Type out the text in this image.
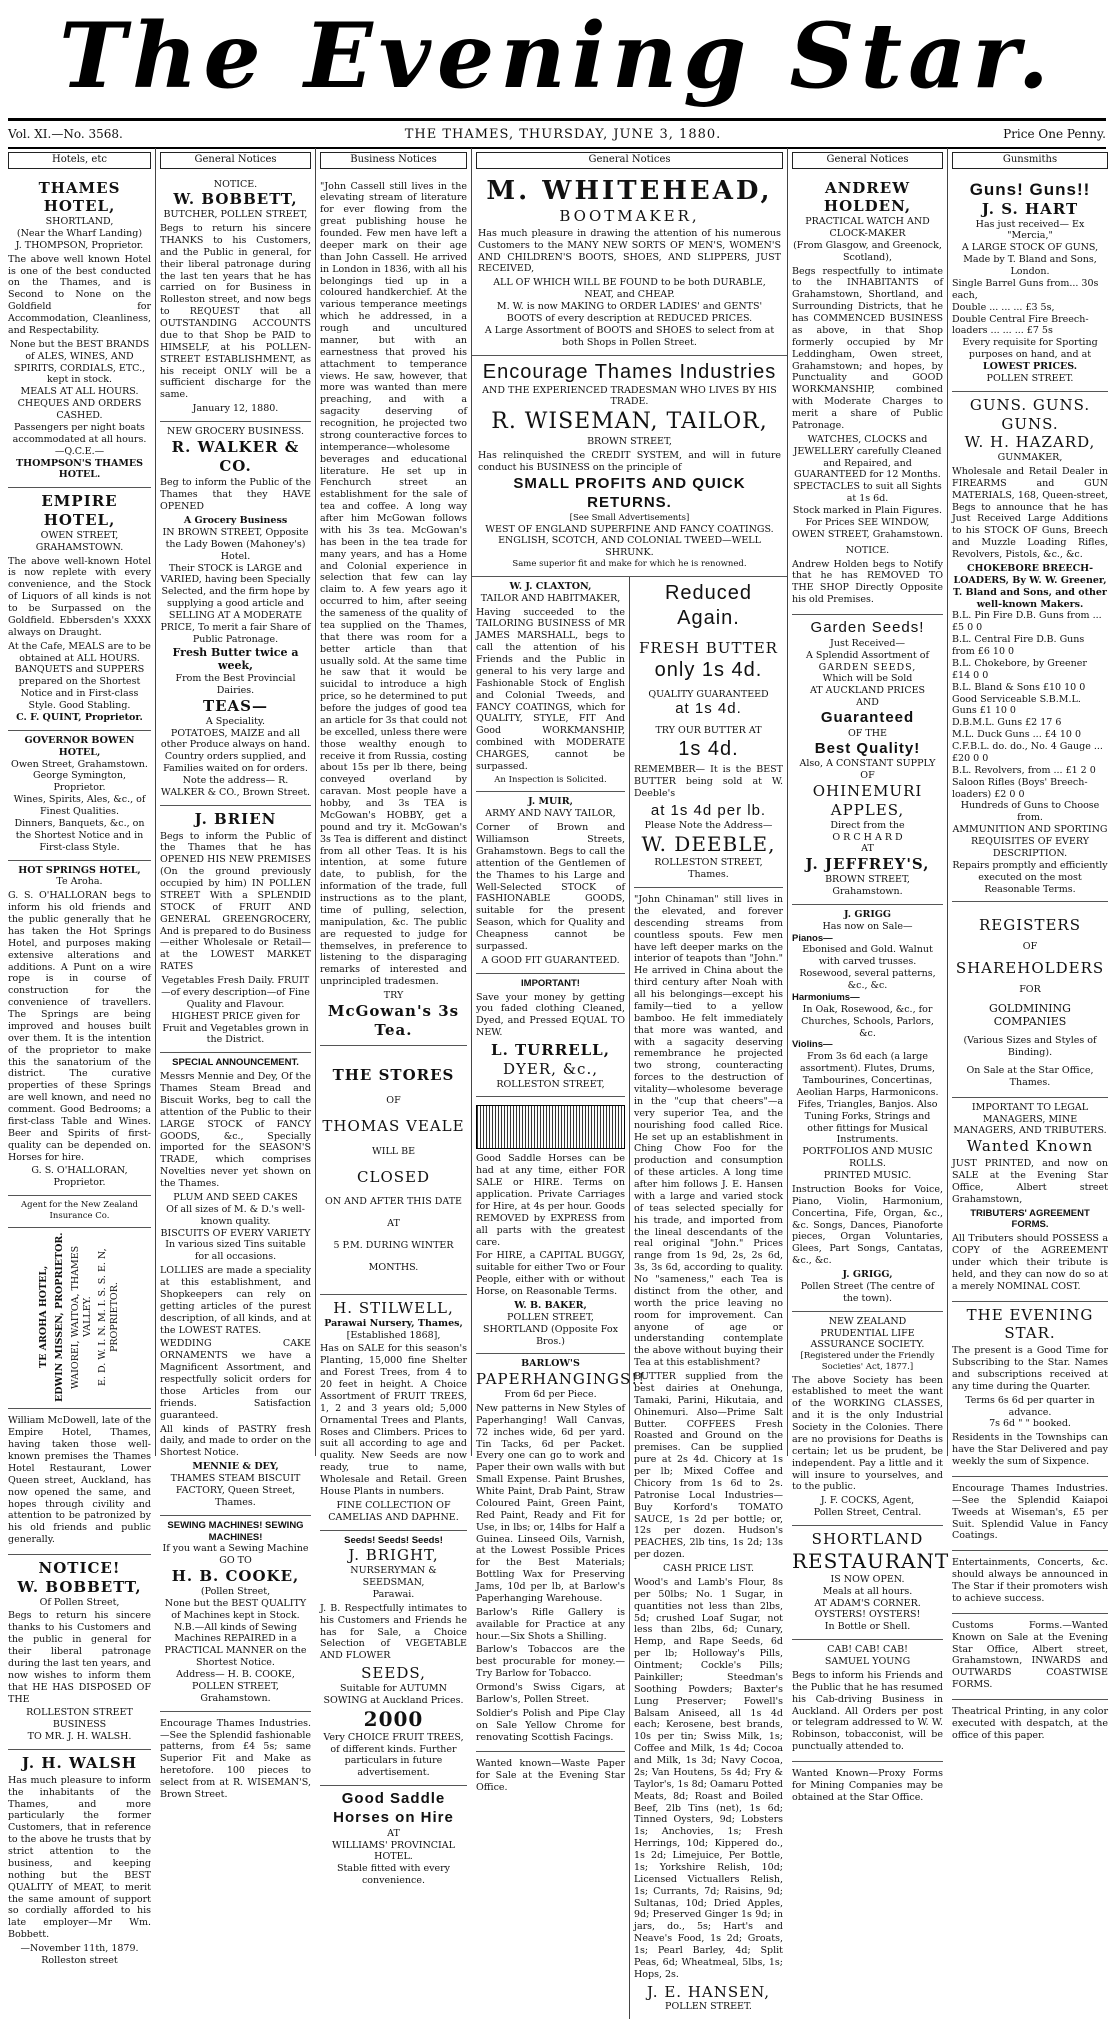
The Evening Star.
Vol. XI.—No. 3568.	THE THAMES, THURSDAY, JUNE 3, 1880.	Price One Penny.
Hotels, etc
THAMES HOTEL,
SHORTLAND,
(Near the Wharf Landing)
J. THOMPSON, Proprietor.

The above well known Hotel is one of the best conducted on the Thames, and is Second to None on the Goldfield for Accommodation, Cleanliness, and Respectability.

None but the BEST BRANDS of ALES, WINES, AND SPIRITS, CORDIALS, ETC., kept in stock.
MEALS AT ALL HOURS.
CHEQUES AND ORDERS CASHED.
Passengers per night boats accommodated at all hours.
—Q.C.E.—
THOMPSON'S THAMES HOTEL.
EMPIRE HOTEL,
OWEN STREET, GRAHAMSTOWN.

The above well-known Hotel is now replete with every convenience, and the Stock of Liquors of all kinds is not to be Surpassed on the Goldfield. Ebbersden's XXXX always on Draught.

At the Cafe, MEALS are to be obtained at ALL HOURS. BANQUETS and SUPPERS prepared on the Shortest Notice and in First-class Style. Good Stabling.
C. F. QUINT, Proprietor.
GOVERNOR BOWEN HOTEL,
Owen Street, Grahamstown.
George Symington, Proprietor.
Wines, Spirits, Ales, &c., of Finest Qualities.
Dinners, Banquets, &c., on the Shortest Notice and in First-class Style.
HOT SPRINGS HOTEL,
Te Aroha.

G. S. O'HALLORAN begs to inform his old friends and the public generally that he has taken the Hot Springs Hotel, and purposes making extensive alterations and additions. A Punt on a wire rope is in course of construction for the convenience of travellers. The Springs are being improved and houses built over them. It is the intention of the proprietor to make this the sanatorium of the district. The curative properties of these Springs are well known, and need no comment. Good Bedrooms; a first-class Table and Wines. Beer and Spirits of first-quality can be depended on. Horses for hire.

G. S. O'HALLORAN, Proprietor.
Agent for the New Zealand Insurance Co.
TE AROHA HOTEL, EDWIN MISSEN, PROPRIETOR. WAIOREI, WAITOA, THAMES VALLEY. E. D. W. I. N. M. I. S. S. E. N, PROPRIETOR.

William McDowell, late of the Empire Hotel, Thames, having taken those well-known premises the Thames Hotel Restaurant, Lower Queen street, Auckland, has now opened the same, and hopes through civility and attention to be patronized by his old friends and public generally.

NOTICE!
W. BOBBETT,
Of Pollen Street,

Begs to return his sincere thanks to his Customers and the public in general for their liberal patronage during the last ten years, and now wishes to inform them that HE HAS DISPOSED OF THE

ROLLESTON STREET BUSINESS
TO MR. J. H. WALSH.
J. H. WALSH

Has much pleasure to inform the inhabitants of the Thames, and more particularly the former Customers, that in reference to the above he trusts that by strict attention to the business, and keeping nothing but the BEST QUALITY of MEAT, to merit the same amount of support so cordially afforded to his late employer—Mr Wm. Bobbett.

—November 11th, 1879.
Rolleston street
General Notices
NOTICE.
W. BOBBETT,
BUTCHER, POLLEN STREET,

Begs to return his sincere THANKS to his Customers, and the Public in general, for their liberal patronage during the last ten years that he has carried on for Business in Rolleston street, and now begs to REQUEST that all OUTSTANDING ACCOUNTS due to that Shop be PAID to HIMSELF, at his POLLEN-STREET ESTABLISHMENT, as his receipt ONLY will be a sufficient discharge for the same.

January 12, 1880.
NEW GROCERY BUSINESS.
R. WALKER & CO.

Beg to inform the Public of the Thames that they HAVE OPENED

A Grocery Business
IN BROWN STREET, Opposite the Lady Bowen (Mahoney's) Hotel.
Their STOCK is LARGE and VARIED, having been Specially Selected, and the firm hope by supplying a good article and SELLING AT A MODERATE PRICE, To merit a fair Share of Public Patronage.
Fresh Butter twice a week,
From the Best Provincial Dairies.
TEAS—
A Speciality.
POTATOES, MAIZE and all other Produce always on hand.
Country orders supplied, and Families waited on for orders.
Note the address— R. WALKER & CO., Brown Street.
J. BRIEN

Begs to inform the Public of the Thames that he has OPENED HIS NEW PREMISES (On the ground previously occupied by him) IN POLLEN STREET With a SPLENDID STOCK of FRUIT AND GENERAL GREENGROCERY, And is prepared to do Business—either Wholesale or Retail—at the LOWEST MARKET RATES

Vegetables Fresh Daily. FRUIT—of every description—of Fine Quality and Flavour.
HIGHEST PRICE given for Fruit and Vegetables grown in the District.
SPECIAL ANNOUNCEMENT.

Messrs Mennie and Dey, Of the Thames Steam Bread and Biscuit Works, beg to call the attention of the Public to their LARGE STOCK of FANCY GOODS, &c., Specially imported for the SEASON'S TRADE, which comprises Novelties never yet shown on the Thames.

PLUM AND SEED CAKES
Of all sizes of M. & D.'s well-known quality.
BISCUITS OF EVERY VARIETY
In various sized Tins suitable for all occasions.

LOLLIES are made a speciality at this establishment, and Shopkeepers can rely on getting articles of the purest description, of all kinds, and at the LOWEST RATES.

WEDDING CAKE ORNAMENTS we have a Magnificent Assortment, and respectfully solicit orders for those Articles from our friends. Satisfaction guaranteed.

All kinds of PASTRY fresh daily, and made to order on the Shortest Notice.

MENNIE & DEY,
THAMES STEAM BISCUIT FACTORY, Queen Street, Thames.
SEWING MACHINES! SEWING MACHINES!
If you want a Sewing Machine GO TO
H. B. COOKE,
(Pollen Street,
None but the BEST QUALITY of Machines kept in Stock.
N.B.—All kinds of Sewing Machines REPAIRED in a PRACTICAL MANNER on the Shortest Notice.
Address— H. B. COOKE, POLLEN STREET, Grahamstown.

Encourage Thames Industries.—See the Splendid fashionable patterns, from £4 5s; same Superior Fit and Make as heretofore. 100 pieces to select from at R. WISEMAN'S, Brown Street.

Business Notices

"John Cassell still lives in the elevating stream of literature for ever flowing from the great publishing house he founded. Few men have left a deeper mark on their age than John Cassell. He arrived in London in 1836, with all his belongings tied up in a coloured handkerchief. At the various temperance meetings which he addressed, in a rough and uncultured manner, but with an earnestness that proved his attachment to temperance views. He saw, however, that more was wanted than mere preaching, and with a sagacity deserving of recognition, he projected two strong counteractive forces to intemperance—wholesome beverages and educational literature. He set up in Fenchurch street an establishment for the sale of tea and coffee. A long way after him McGowan follows with his 3s tea. McGowan's has been in the tea trade for many years, and has a Home and Colonial experience in selection that few can lay claim to. A few years ago it occurred to him, after seeing the sameness of the quality of tea supplied on the Thames, that there was room for a better article than that usually sold. At the same time he saw that it would be suicidal to introduce a high price, so he determined to put before the judges of good tea an article for 3s that could not be excelled, unless there were those wealthy enough to receive it from Russia, costing about 15s per lb there, being conveyed overland by caravan. Most people have a hobby, and 3s TEA is McGowan's HOBBY, get a pound and try it. McGowan's 3s Tea is different and distinct from all other Teas. It is his intention, at some future date, to publish, for the information of the trade, full instructions as to the plant, time of pulling, selection, manipulation, &c. The public are requested to judge for themselves, in preference to listening to the disparaging remarks of interested and unprincipled tradesmen.

TRY
McGowan's 3s Tea.
THE STORES
OF
THOMAS VEALE
WILL BE
CLOSED
ON AND AFTER THIS DATE
AT
5 P.M. DURING WINTER
MONTHS.
H. STILWELL,
Parawai Nursery, Thames,
[Established 1868],

Has on SALE for this season's Planting, 15,000 fine Shelter and Forest Trees, from 4 to 20 feet in height. A Choice Assortment of FRUIT TREES, 1, 2 and 3 years old; 5,000 Ornamental Trees and Plants, Roses and Climbers. Prices to suit all according to age and quality. New Seeds are now ready, true to name, Wholesale and Retail. Green House Plants in numbers.

FINE COLLECTION OF CAMELIAS AND DAPHNE.
Seeds! Seeds! Seeds!
J. BRIGHT,
NURSERYMAN & SEEDSMAN,
Parawai.

J. B. Respectfully intimates to his Customers and Friends he has for Sale, a Choice Selection of VEGETABLE AND FLOWER

SEEDS,
Suitable for AUTUMN SOWING at Auckland Prices.
2000
Very CHOICE FRUIT TREES, of different kinds. Further particulars in future advertisement.
Good Saddle Horses on Hire
AT
WILLIAMS' PROVINCIAL HOTEL.
Stable fitted with every convenience.
General Notices
M. WHITEHEAD,
BOOTMAKER,

Has much pleasure in drawing the attention of his numerous Customers to the MANY NEW SORTS OF MEN'S, WOMEN'S AND CHILDREN'S BOOTS, SHOES, AND SLIPPERS, JUST RECEIVED,

ALL OF WHICH WILL BE FOUND to be both DURABLE, NEAT, and CHEAP.
M. W. is now MAKING to ORDER LADIES' and GENTS' BOOTS of every description at REDUCED PRICES.
A Large Assortment of BOOTS and SHOES to select from at both Shops in Pollen Street.
Encourage Thames Industries
AND THE EXPERIENCED TRADESMAN WHO LIVES BY HIS TRADE.
R. WISEMAN, TAILOR,
BROWN STREET,

Has relinquished the CREDIT SYSTEM, and will in future conduct his BUSINESS on the principle of

SMALL PROFITS AND QUICK RETURNS.
[See Small Advertisements]
WEST OF ENGLAND SUPERFINE AND FANCY COATINGS. ENGLISH, SCOTCH, AND COLONIAL TWEED—WELL SHRUNK.
Same superior fit and make for which he is renowned.
W. J. CLAXTON,
TAILOR AND HABITMAKER,

Having succeeded to the TAILORING BUSINESS of MR JAMES MARSHALL, begs to call the attention of his Friends and the Public in general to his very large and Fashionable Stock of English and Colonial Tweeds, and FANCY COATINGS, which for QUALITY, STYLE, FIT And Good WORKMANSHIP, combined with MODERATE CHARGES, cannot be surpassed.

An Inspection is Solicited.
J. MUIR,
ARMY AND NAVY TAILOR,

Corner of Brown and Williamson Streets, Grahamstown. Begs to call the attention of the Gentlemen of the Thames to his Large and Well-Selected STOCK of FASHIONABLE GOODS, suitable for the present Season, which for Quality and Cheapness cannot be surpassed.

A GOOD FIT GUARANTEED.
IMPORTANT!

Save your money by getting you faded clothing Cleaned, Dyed, and Pressed EQUAL TO NEW.

L. TURRELL,
DYER, &c.,
ROLLESTON STREET,

Good Saddle Horses can be had at any time, either FOR SALE or HIRE. Terms on application. Private Carriages for Hire, at 4s per hour. Goods REMOVED by EXPRESS from all parts with the greatest care.

For HIRE, a CAPITAL BUGGY, suitable for either Two or Four People, either with or without Horse, on Reasonable Terms.

W. B. BAKER,
POLLEN STREET, SHORTLAND (Opposite Fox Bros.)
BARLOW'S
PAPERHANGINGS!!
From 6d per Piece.

New patterns in New Styles of Paperhanging! Wall Canvas, 72 inches wide, 6d per yard. Tin Tacks, 6d per Packet. Every one can go to work and Paper their own walls with but Small Expense. Paint Brushes, White Paint, Drab Paint, Straw Coloured Paint, Green Paint, Red Paint, Ready and Fit for Use, in lbs; or, 14lbs for Half a Guinea. Linseed Oils, Varnish, at the Lowest Possible Prices for the Best Materials; Bottling Wax for Preserving Jams, 10d per lb, at Barlow's Paperhanging Warehouse.

Barlow's Rifle Gallery is available for Practice at any hour.—Six Shots a Shilling.

Barlow's Tobaccos are the best procurable for money.—Try Barlow for Tobacco.

Ormond's Swiss Cigars, at Barlow's, Pollen Street.

Soldier's Polish and Pipe Clay on Sale Yellow Chrome for renovating Scottish Facings.

Wanted known—Waste Paper for Sale at the Evening Star Office.

Reduced Again.
FRESH BUTTER
only 1s 4d.
QUALITY GUARANTEED
at 1s 4d.
TRY OUR BUTTER AT
1s 4d.

REMEMBER— It is the BEST BUTTER being sold at W. Deeble's

at 1s 4d per lb.
Please Note the Address—
W. DEEBLE,
ROLLESTON STREET,
Thames.

"John Chinaman" still lives in the elevated, and forever descending streams from countless spouts. Few men have left deeper marks on the interior of teapots than "John." He arrived in China about the third century after Noah with all his belongings—except his family—tied to a yellow bamboo. He felt immediately that more was wanted, and with a sagacity deserving remembrance he projected two strong, counteracting forces to the destruction of vitality—wholesome beverage in the "cup that cheers"—a very superior Tea, and the nourishing food called Rice. He set up an establishment in Ching Chow Foo for the production and consumption of these articles. A long time after him follows J. E. Hansen with a large and varied stock of teas selected specially for his trade, and imported from the lineal descendants of the real original "John." Prices range from 1s 9d, 2s, 2s 6d, 3s, 3s 6d, according to quality. No "sameness," each Tea is distinct from the other, and worth the price leaving no room for improvement. Can anyone of age or understanding contemplate the above without buying their Tea at this establishment?

BUTTER supplied from the best dairies at Onehunga, Tamaki, Parini, Hikutaia, and Ohinemuri. Also—Prime Salt Butter. COFFEES Fresh Roasted and Ground on the premises. Can be supplied pure at 2s 4d. Chicory at 1s per lb; Mixed Coffee and Chicory from 1s 6d to 2s. Patronise Local Industries—Buy Korford's TOMATO SAUCE, 1s 2d per bottle; or, 12s per dozen. Hudson's PEACHES, 2lb tins, 1s 2d; 13s per dozen.

CASH PRICE LIST.

Wood's and Lamb's Flour, 8s per 50lbs; No. 1 Sugar, in quantities not less than 2lbs, 5d; crushed Loaf Sugar, not less than 2lbs, 6d; Cunary, Hemp, and Rape Seeds, 6d per lb; Holloway's Pills, Ointment; Cockle's Pills; Painkiller; Steedman's Soothing Powders; Baxter's Lung Preserver; Fowell's Balsam Aniseed, all 1s 4d each; Kerosene, best brands, 10s per tin; Swiss Milk, 1s; Coffee and Milk, 1s 4d; Cocoa and Milk, 1s 3d; Navy Cocoa, 2s; Van Houtens, 5s 4d; Fry & Taylor's, 1s 8d; Oamaru Potted Meats, 8d; Roast and Boiled Beef, 2lb Tins (net), 1s 6d; Tinned Oysters, 9d; Lobsters 1s; Anchovies, 1s; Fresh Herrings, 10d; Kippered do., 1s 2d; Limejuice, Per Bottle, 1s; Yorkshire Relish, 10d; Licensed Victuallers Relish, 1s; Currants, 7d; Raisins, 9d; Sultanas, 10d; Dried Apples, 9d; Preserved Ginger 1s 9d; in jars, do., 5s; Hart's and Neave's Food, 1s 2d; Groats, 1s; Pearl Barley, 4d; Split Peas, 6d; Wheatmeal, 5lbs, 1s; Hops, 2s.

J. E. HANSEN,
POLLEN STREET.
General Notices
ANDREW HOLDEN,
PRACTICAL WATCH AND CLOCK-MAKER
(From Glasgow, and Greenock, Scotland),

Begs respectfully to intimate to the INHABITANTS of Grahamstown, Shortland, and Surrounding Districts, that he has COMMENCED BUSINESS as above, in that Shop formerly occupied by Mr Leddingham, Owen street, Grahamstown; and hopes, by Punctuality and GOOD WORKMANSHIP, combined with Moderate Charges to merit a share of Public Patronage.

WATCHES, CLOCKS and JEWELLERY carefully Cleaned and Repaired, and GUARANTEED for 12 Months. SPECTACLES to suit all Sights at 1s 6d.
Stock marked in Plain Figures.
For Prices SEE WINDOW, OWEN STREET, Grahamstown.
NOTICE.

Andrew Holden begs to Notify that he has REMOVED TO THE SHOP Directly Opposite his old Premises.

Garden Seeds!
Just Received—
A Splendid Assortment of
GARDEN SEEDS,
Which will be Sold
AT AUCKLAND PRICES
AND
Guaranteed
OF THE
Best Quality!
Also, A CONSTANT SUPPLY OF
OHINEMURI APPLES,
Direct from the
O R C H A R D
AT
J. JEFFREY'S,
BROWN STREET,
Grahamstown.
J. GRIGG
Has now on Sale—
Pianos—
Ebonised and Gold. Walnut with carved trusses. Rosewood, several patterns, &c., &c.
Harmoniums—
In Oak, Rosewood, &c., for Churches, Schools, Parlors, &c.
Violins—
From 3s 6d each (a large assortment). Flutes, Drums, Tambourines, Concertinas, Aeolian Harps, Harmonicons. Fifes, Triangles, Banjos. Also Tuning Forks, Strings and other fittings for Musical Instruments.
PORTFOLIOS AND MUSIC ROLLS.
PRINTED MUSIC.

Instruction Books for Voice, Piano, Violin, Harmonium, Concertina, Fife, Organ, &c., &c. Songs, Dances, Pianoforte pieces, Organ Voluntaries, Glees, Part Songs, Cantatas, &c., &c.

J. GRIGG,
Pollen Street (The centre of the town).
NEW ZEALAND
PRUDENTIAL LIFE ASSURANCE SOCIETY.
[Registered under the Friendly Societies' Act, 1877.]

The above Society has been established to meet the want of the WORKING CLASSES, and it is the only Industrial Society in the Colonies. There are no provisions for Deaths is certain; let us be prudent, be independent. Pay a little and it will insure to yourselves, and to the public.

J. F. COCKS, Agent,
Pollen Street, Central.
SHORTLAND
RESTAURANT
IS NOW OPEN.
Meals at all hours.
AT ADAM'S CORNER.
OYSTERS! OYSTERS!
In Bottle or Shell.
CAB! CAB! CAB!
SAMUEL YOUNG

Begs to inform his Friends and the Public that he has resumed his Cab-driving Business in Auckland. All Orders per post or telegram addressed to W. W. Robinson, tobacconist, will be punctually attended to.

Wanted Known—Proxy Forms for Mining Companies may be obtained at the Star Office.

Gunsmiths
Guns! Guns!!
J. S. HART
Has just received— Ex "Mercia,"
A LARGE STOCK OF GUNS,
Made by T. Bland and Sons, London.
Single Barrel Guns from... 30s each,
Double ... ... ... £3 5s,
Double Central Fire Breech-loaders ... ... ... £7 5s
Every requisite for Sporting purposes on hand, and at
LOWEST PRICES.
POLLEN STREET.
GUNS. GUNS. GUNS.
W. H. HAZARD,
GUNMAKER,

Wholesale and Retail Dealer in FIREARMS and GUN MATERIALS, 168, Queen-street, Begs to announce that he has Just Received Large Additions to his STOCK OF Guns, Breech and Muzzle Loading Rifles, Revolvers, Pistols, &c., &c.

CHOKEBORE BREECH-LOADERS, By W. W. Greener, T. Bland and Sons, and other well-known Makers.
B.L. Pin Fire D.B. Guns from ... £5 0 0
B.L. Central Fire D.B. Guns from £6 10 0
B.L. Chokebore, by Greener £14 0 0
B.L. Bland & Sons £10 10 0
Good Serviceable S.B.M.L. Guns £1 10 0
D.B.M.L. Guns £2 17 6
M.L. Duck Guns ... £4 10 0
C.F.B.L. do. do., No. 4 Gauge ... £20 0 0
B.L. Revolvers, from ... £1 2 0
Saloon Rifles (Boys' Breech-loaders) £2 0 0
Hundreds of Guns to Choose from.
AMMUNITION AND SPORTING REQUISITES OF EVERY DESCRIPTION.
Repairs promptly and efficiently executed on the most Reasonable Terms.
REGISTERS
OF
SHAREHOLDERS
FOR
GOLDMINING COMPANIES
(Various Sizes and Styles of Binding).
On Sale at the Star Office, Thames.
IMPORTANT TO LEGAL MANAGERS, MINE MANAGERS, AND TRIBUTERS.
Wanted Known

JUST PRINTED, and now on SALE at the Evening Star Office, Albert street Grahamstown,

TRIBUTERS' AGREEMENT FORMS.

All Tributers should POSSESS a COPY of the AGREEMENT under which their tribute is held, and they can now do so at a merely NOMINAL COST.

THE EVENING STAR.

The present is a Good Time for Subscribing to the Star. Names and subscriptions received at any time during the Quarter.

Terms 6s 6d per quarter in advance.
7s 6d " " booked.

Residents in the Townships can have the Star Delivered and pay weekly the sum of Sixpence.

Encourage Thames Industries.—See the Splendid Kaiapoi Tweeds at Wiseman's, £5 per Suit. Splendid Value in Fancy Coatings.

Entertainments, Concerts, &c. should always be announced in The Star if their promoters wish to achieve success.

Customs Forms.—Wanted Known on Sale at the Evening Star Office, Albert street, Grahamstown, INWARDS and OUTWARDS COASTWISE FORMS.

Theatrical Printing, in any color executed with despatch, at the office of this paper.
